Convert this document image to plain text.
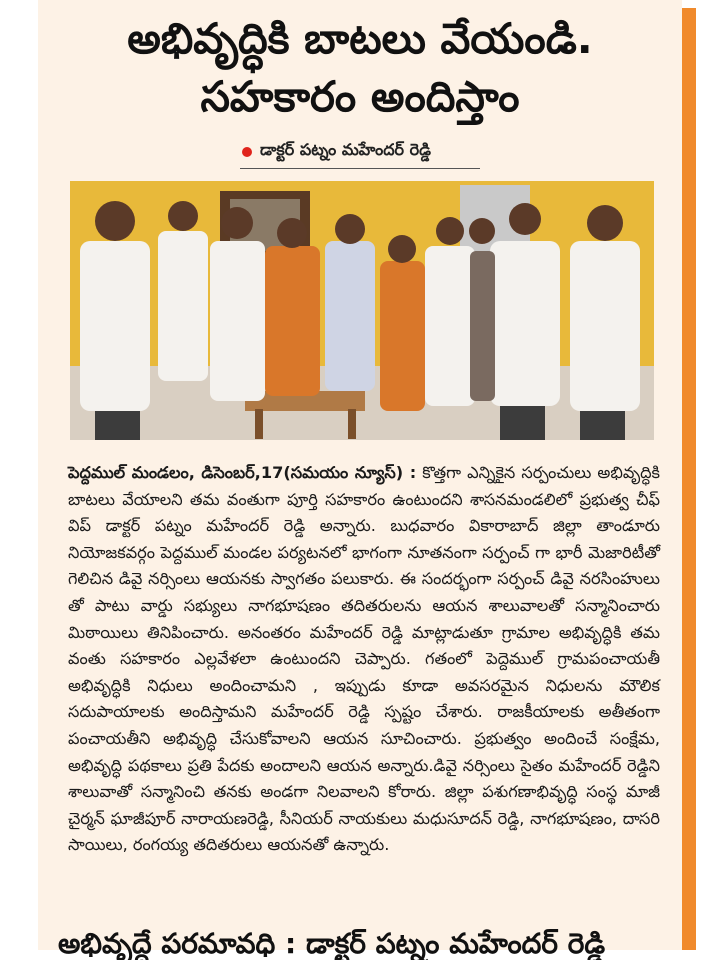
అభివృద్ధికి బాటలు వేయండి.
సహకారం అందిస్తాం
డాక్టర్ పట్నం మహేందర్ రెడ్డి
పెద్దముల్ మండలం, డిసెంబర్,17(సమయం న్యూస్) : కొత్తగా ఎన్నికైన సర్పంచులు అభివృద్ధికి బాటలు వేయాలని తమ వంతుగా పూర్తి సహకారం ఉంటుందని శాసనమండలిలో ప్రభుత్వ చీఫ్ విప్ డాక్టర్ పట్నం మహేందర్ రెడ్డి అన్నారు. బుధవారం వికారాబాద్ జిల్లా తాండూరు నియోజకవర్గం పెద్దముల్ మండల పర్యటనలో భాగంగా నూతనంగా సర్పంచ్ గా భారీ మెజారిటీతో గెలిచిన డివై నర్సింలు ఆయనకు స్వాగతం పలుకారు. ఈ సందర్భంగా సర్పంచ్ డివై నరసింహులు తో పాటు వార్డు సభ్యులు నాగభూషణం తదితరులను ఆయన శాలువాలతో సన్మానించారు మిఠాయిలు తినిపించారు. అనంతరం మహేందర్ రెడ్డి మాట్లాడుతూ గ్రామాల అభివృద్ధికి తమ వంతు సహకారం ఎల్లవేళలా ఉంటుందని చెప్పారు. గతంలో పెద్దెముల్ గ్రామపంచాయతీ అభివృద్ధికి నిధులు అందించామని , ఇప్పుడు కూడా అవసరమైన నిధులను మౌలిక సదుపాయాలకు అందిస్తామని మహేందర్ రెడ్డి స్పష్టం చేశారు. రాజకీయాలకు అతీతంగా పంచాయతీని అభివృద్ధి చేసుకోవాలని ఆయన సూచించారు. ప్రభుత్వం అందించే సంక్షేమ, అభివృద్ధి పథకాలు ప్రతి పేదకు అందాలని ఆయన అన్నారు.డివై నర్సింలు సైతం మహేందర్ రెడ్డిని శాలువాతో సన్మానించి తనకు అండగా నిలవాలని కోరారు. జిల్లా పశుగణాభివృద్ధి సంస్థ మాజీ చైర్మన్ ఘాజీపూర్ నారాయణరెడ్డి, సీనియర్ నాయకులు మధుసూదన్ రెడ్డి, నాగభూషణం, దాసరి సాయిలు, రంగయ్య తదితరులు ఆయనతో ఉన్నారు.
అభివృద్ధే పరమావధి : డాక్టర్ పట్నం మహేందర్ రెడ్డి
